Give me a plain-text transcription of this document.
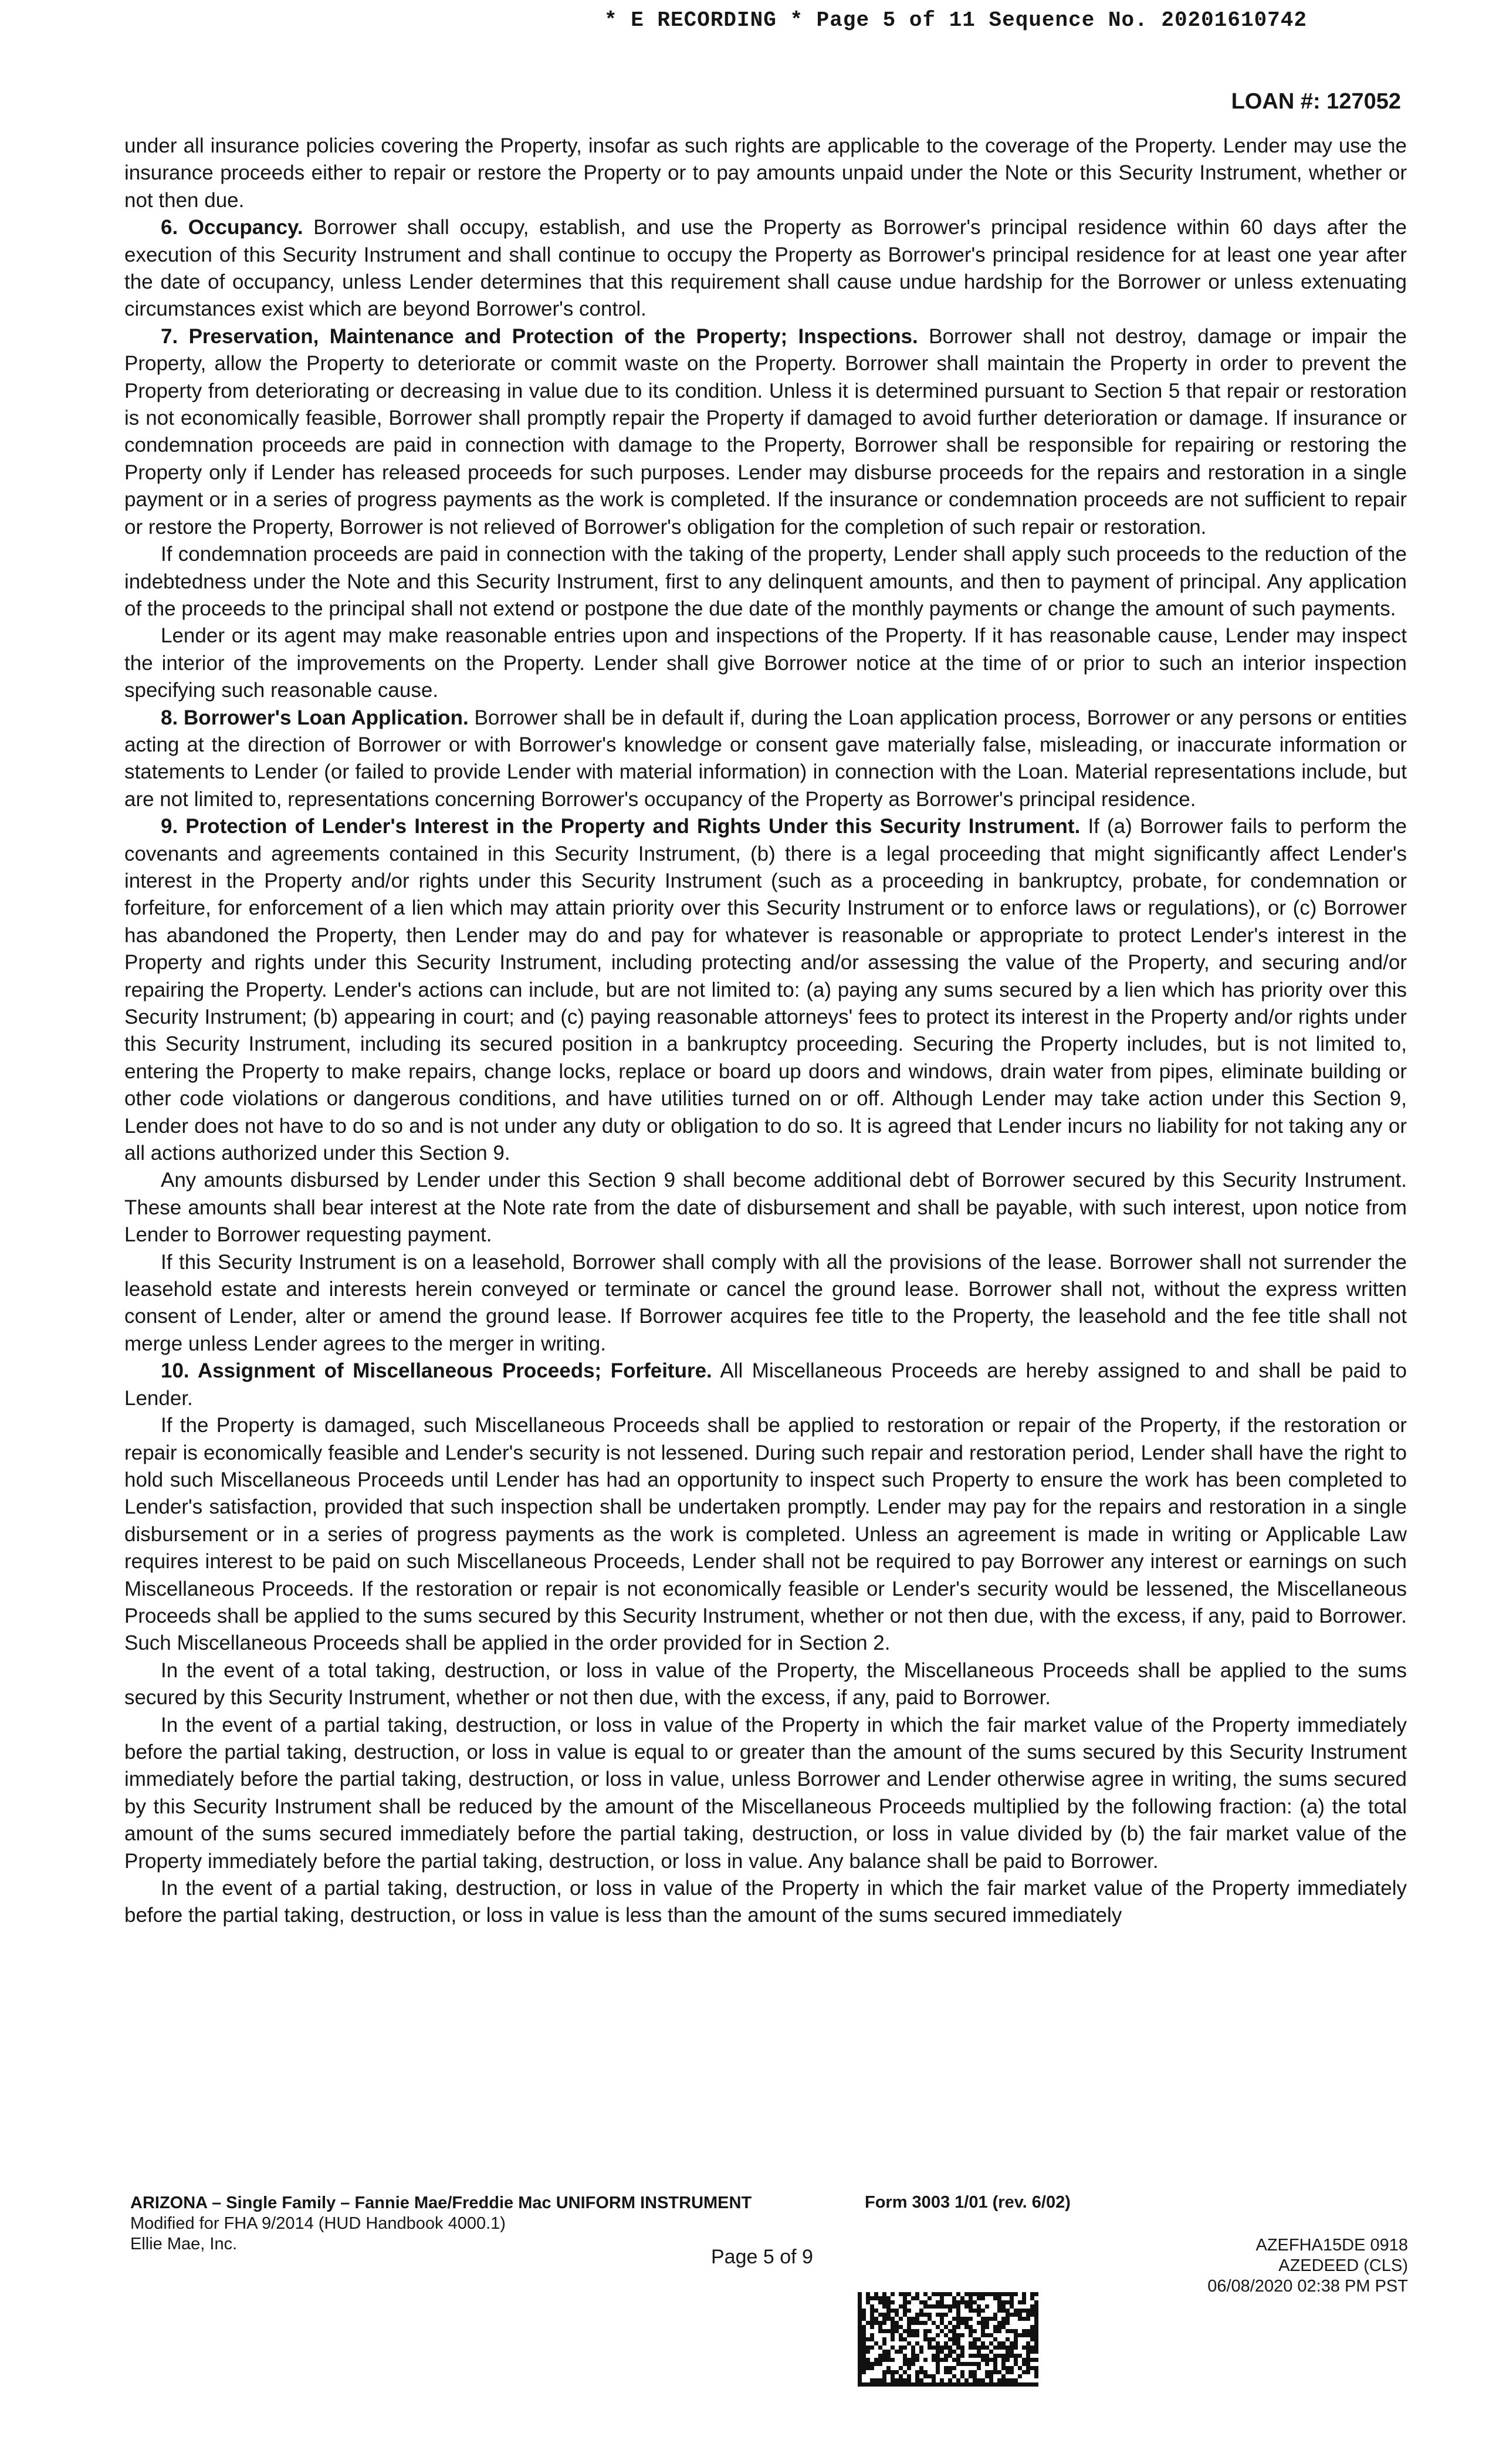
* E RECORDING * Page 5 of 11 Sequence No. 20201610742
LOAN #: 127052

under all insurance policies covering the Property, insofar as such rights are applicable to the coverage of the Property. Lender may use the insurance proceeds either to repair or restore the Property or to pay amounts unpaid under the Note or this Security Instrument, whether or not then due.

6. Occupancy. Borrower shall occupy, establish, and use the Property as Borrower's principal residence within 60 days after the execution of this Security Instrument and shall continue to occupy the Property as Borrower's principal residence for at least one year after the date of occupancy, unless Lender determines that this requirement shall cause undue hardship for the Borrower or unless extenuating circumstances exist which are beyond Borrower's control.

7. Preservation, Maintenance and Protection of the Property; Inspections. Borrower shall not destroy, damage or impair the Property, allow the Property to deteriorate or commit waste on the Property. Borrower shall maintain the Property in order to prevent the Property from deteriorating or decreasing in value due to its condition. Unless it is determined pursuant to Section 5 that repair or restoration is not economically feasible, Borrower shall promptly repair the Property if damaged to avoid further deterioration or damage. If insurance or condemnation proceeds are paid in connection with damage to the Property, Borrower shall be responsible for repairing or restoring the Property only if Lender has released proceeds for such purposes. Lender may disburse proceeds for the repairs and restoration in a single payment or in a series of progress payments as the work is completed. If the insurance or condemnation proceeds are not sufficient to repair or restore the Property, Borrower is not relieved of Borrower's obligation for the completion of such repair or restoration.

If condemnation proceeds are paid in connection with the taking of the property, Lender shall apply such proceeds to the reduction of the indebtedness under the Note and this Security Instrument, first to any delinquent amounts, and then to payment of principal. Any application of the proceeds to the principal shall not extend or postpone the due date of the monthly payments or change the amount of such payments.

Lender or its agent may make reasonable entries upon and inspections of the Property. If it has reasonable cause, Lender may inspect the interior of the improvements on the Property. Lender shall give Borrower notice at the time of or prior to such an interior inspection specifying such reasonable cause.

8. Borrower's Loan Application. Borrower shall be in default if, during the Loan application process, Borrower or any persons or entities acting at the direction of Borrower or with Borrower's knowledge or consent gave materially false, misleading, or inaccurate information or statements to Lender (or failed to provide Lender with material information) in connection with the Loan. Material representations include, but are not limited to, representations concerning Borrower's occupancy of the Property as Borrower's principal residence.

9. Protection of Lender's Interest in the Property and Rights Under this Security Instrument. If (a) Borrower fails to perform the covenants and agreements contained in this Security Instrument, (b) there is a legal proceeding that might significantly affect Lender's interest in the Property and/or rights under this Security Instrument (such as a proceeding in bankruptcy, probate, for condemnation or forfeiture, for enforcement of a lien which may attain priority over this Security Instrument or to enforce laws or regulations), or (c) Borrower has abandoned the Property, then Lender may do and pay for whatever is reasonable or appropriate to protect Lender's interest in the Property and rights under this Security Instrument, including protecting and/or assessing the value of the Property, and securing and/or repairing the Property. Lender's actions can include, but are not limited to: (a) paying any sums secured by a lien which has priority over this Security Instrument; (b) appearing in court; and (c) paying reasonable attorneys' fees to protect its interest in the Property and/or rights under this Security Instrument, including its secured position in a bankruptcy proceeding. Securing the Property includes, but is not limited to, entering the Property to make repairs, change locks, replace or board up doors and windows, drain water from pipes, eliminate building or other code violations or dangerous conditions, and have utilities turned on or off. Although Lender may take action under this Section 9, Lender does not have to do so and is not under any duty or obligation to do so. It is agreed that Lender incurs no liability for not taking any or all actions authorized under this Section 9.

Any amounts disbursed by Lender under this Section 9 shall become additional debt of Borrower secured by this Security Instrument. These amounts shall bear interest at the Note rate from the date of disbursement and shall be payable, with such interest, upon notice from Lender to Borrower requesting payment.

If this Security Instrument is on a leasehold, Borrower shall comply with all the provisions of the lease. Borrower shall not surrender the leasehold estate and interests herein conveyed or terminate or cancel the ground lease. Borrower shall not, without the express written consent of Lender, alter or amend the ground lease. If Borrower acquires fee title to the Property, the leasehold and the fee title shall not merge unless Lender agrees to the merger in writing.

10. Assignment of Miscellaneous Proceeds; Forfeiture. All Miscellaneous Proceeds are hereby assigned to and shall be paid to Lender.

If the Property is damaged, such Miscellaneous Proceeds shall be applied to restoration or repair of the Property, if the restoration or repair is economically feasible and Lender's security is not lessened. During such repair and restoration period, Lender shall have the right to hold such Miscellaneous Proceeds until Lender has had an opportunity to inspect such Property to ensure the work has been completed to Lender's satisfaction, provided that such inspection shall be undertaken promptly. Lender may pay for the repairs and restoration in a single disbursement or in a series of progress payments as the work is completed. Unless an agreement is made in writing or Applicable Law requires interest to be paid on such Miscellaneous Proceeds, Lender shall not be required to pay Borrower any interest or earnings on such Miscellaneous Proceeds. If the restoration or repair is not economically feasible or Lender's security would be lessened, the Miscellaneous Proceeds shall be applied to the sums secured by this Security Instrument, whether or not then due, with the excess, if any, paid to Borrower. Such Miscellaneous Proceeds shall be applied in the order provided for in Section 2.

In the event of a total taking, destruction, or loss in value of the Property, the Miscellaneous Proceeds shall be applied to the sums secured by this Security Instrument, whether or not then due, with the excess, if any, paid to Borrower.

In the event of a partial taking, destruction, or loss in value of the Property in which the fair market value of the Property immediately before the partial taking, destruction, or loss in value is equal to or greater than the amount of the sums secured by this Security Instrument immediately before the partial taking, destruction, or loss in value, unless Borrower and Lender otherwise agree in writing, the sums secured by this Security Instrument shall be reduced by the amount of the Miscellaneous Proceeds multiplied by the following fraction: (a) the total amount of the sums secured immediately before the partial taking, destruction, or loss in value divided by (b) the fair market value of the Property immediately before the partial taking, destruction, or loss in value. Any balance shall be paid to Borrower.

In the event of a partial taking, destruction, or loss in value of the Property in which the fair market value of the Property immediately before the partial taking, destruction, or loss in value is less than the amount of the sums secured immediately

ARIZONA – Single Family – Fannie Mae/Freddie Mac UNIFORM INSTRUMENT
Modified for FHA 9/2014 (HUD Handbook 4000.1)
Ellie Mae, Inc.
Form 3003 1/01 (rev. 6/02)
Page 5 of 9
AZEFHA15DE 0918
AZEDEED (CLS)
06/08/2020 02:38 PM PST
